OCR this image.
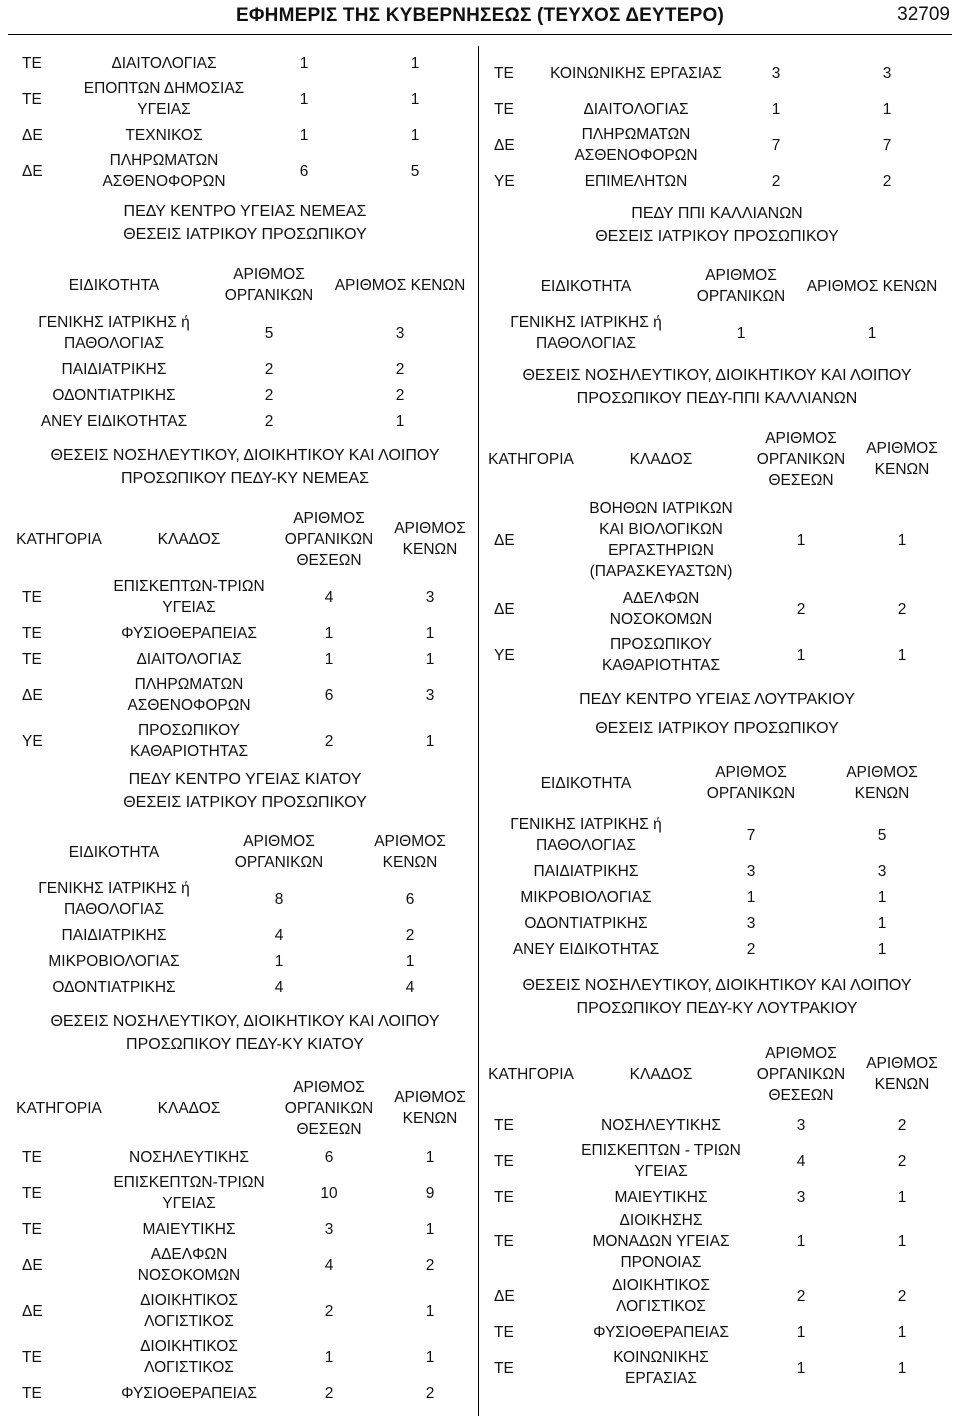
ΕΦΗΜΕΡΙΣ ΤΗΣ ΚΥΒΕΡΝΗΣΕΩΣ (ΤΕΥΧΟΣ ΔΕΥΤΕΡΟ)	32709
ΤΕ	ΔΙΑΙΤΟΛΟΓΙΑΣ	1	1
ΤΕ	ΕΠΟΠΤΩΝ ΔΗΜΟΣΙΑΣ ΥΓΕΙΑΣ	1	1
ΔΕ	ΤΕΧΝΙΚΟΣ	1	1
ΔΕ	ΠΛΗΡΩΜΑΤΩΝ ΑΣΘΕΝΟΦΟΡΩΝ	6	5
ΠΕΔΥ ΚΕΝΤΡΟ ΥΓΕΙΑΣ ΝΕΜΕΑΣ
ΘΕΣΕΙΣ ΙΑΤΡΙΚΟΥ ΠΡΟΣΩΠΙΚΟΥ
ΕΙΔΙΚΟΤΗΤΑ	ΑΡΙΘΜΟΣ ΟΡΓΑΝΙΚΩΝ	ΑΡΙΘΜΟΣ ΚΕΝΩΝ
ΓΕΝΙΚΗΣ ΙΑΤΡΙΚΗΣ ή ΠΑΘΟΛΟΓΙΑΣ	5	3
ΠΑΙΔΙΑΤΡΙΚΗΣ	2	2
ΟΔΟΝΤΙΑΤΡΙΚΗΣ	2	2
ΑΝΕΥ ΕΙΔΙΚΟΤΗΤΑΣ	2	1
ΘΕΣΕΙΣ ΝΟΣΗΛΕΥΤΙΚΟΥ, ΔΙΟΙΚΗΤΙΚΟΥ ΚΑΙ ΛΟΙΠΟΥ ΠΡΟΣΩΠΙΚΟΥ ΠΕΔΥ-ΚΥ ΝΕΜΕΑΣ
ΚΑΤΗΓΟΡΙΑ	ΚΛΑΔΟΣ	ΑΡΙΘΜΟΣ ΟΡΓΑΝΙΚΩΝ ΘΕΣΕΩΝ	ΑΡΙΘΜΟΣ ΚΕΝΩΝ
ΤΕ	ΕΠΙΣΚΕΠΤΩΝ-ΤΡΙΩΝ ΥΓΕΙΑΣ	4	3
ΤΕ	ΦΥΣΙΟΘΕΡΑΠΕΙΑΣ	1	1
ΤΕ	ΔΙΑΙΤΟΛΟΓΙΑΣ	1	1
ΔΕ	ΠΛΗΡΩΜΑΤΩΝ ΑΣΘΕΝΟΦΟΡΩΝ	6	3
ΥΕ	ΠΡΟΣΩΠΙΚΟΥ ΚΑΘΑΡΙΟΤΗΤΑΣ	2	1
ΠΕΔΥ ΚΕΝΤΡΟ ΥΓΕΙΑΣ ΚΙΑΤΟΥ
ΘΕΣΕΙΣ ΙΑΤΡΙΚΟΥ ΠΡΟΣΩΠΙΚΟΥ
ΕΙΔΙΚΟΤΗΤΑ	ΑΡΙΘΜΟΣ ΟΡΓΑΝΙΚΩΝ	ΑΡΙΘΜΟΣ ΚΕΝΩΝ
ΓΕΝΙΚΗΣ ΙΑΤΡΙΚΗΣ ή ΠΑΘΟΛΟΓΙΑΣ	8	6
ΠΑΙΔΙΑΤΡΙΚΗΣ	4	2
ΜΙΚΡΟΒΙΟΛΟΓΙΑΣ	1	1
ΟΔΟΝΤΙΑΤΡΙΚΗΣ	4	4
ΘΕΣΕΙΣ ΝΟΣΗΛΕΥΤΙΚΟΥ, ΔΙΟΙΚΗΤΙΚΟΥ ΚΑΙ ΛΟΙΠΟΥ ΠΡΟΣΩΠΙΚΟΥ ΠΕΔΥ-ΚΥ ΚΙΑΤΟΥ
ΚΑΤΗΓΟΡΙΑ	ΚΛΑΔΟΣ	ΑΡΙΘΜΟΣ ΟΡΓΑΝΙΚΩΝ ΘΕΣΕΩΝ	ΑΡΙΘΜΟΣ ΚΕΝΩΝ
ΤΕ	ΝΟΣΗΛΕΥΤΙΚΗΣ	6	1
ΤΕ	ΕΠΙΣΚΕΠΤΩΝ-ΤΡΙΩΝ ΥΓΕΙΑΣ	10	9
ΤΕ	ΜΑΙΕΥΤΙΚΗΣ	3	1
ΔΕ	ΑΔΕΛΦΩΝ ΝΟΣΟΚΟΜΩΝ	4	2
ΔΕ	ΔΙΟΙΚΗΤΙΚΟΣ ΛΟΓΙΣΤΙΚΟΣ	2	1
ΤΕ	ΔΙΟΙΚΗΤΙΚΟΣ ΛΟΓΙΣΤΙΚΟΣ	1	1
ΤΕ	ΦΥΣΙΟΘΕΡΑΠΕΙΑΣ	2	2
ΤΕ	ΚΟΙΝΩΝΙΚΗΣ ΕΡΓΑΣΙΑΣ	3	3
ΤΕ	ΔΙΑΙΤΟΛΟΓΙΑΣ	1	1
ΔΕ	ΠΛΗΡΩΜΑΤΩΝ ΑΣΘΕΝΟΦΟΡΩΝ	7	7
ΥΕ	ΕΠΙΜΕΛΗΤΩΝ	2	2
ΠΕΔΥ ΠΠΙ ΚΑΛΛΙΑΝΩΝ
ΘΕΣΕΙΣ ΙΑΤΡΙΚΟΥ ΠΡΟΣΩΠΙΚΟΥ
ΕΙΔΙΚΟΤΗΤΑ	ΑΡΙΘΜΟΣ ΟΡΓΑΝΙΚΩΝ	ΑΡΙΘΜΟΣ ΚΕΝΩΝ
ΓΕΝΙΚΗΣ ΙΑΤΡΙΚΗΣ ή ΠΑΘΟΛΟΓΙΑΣ	1	1
ΘΕΣΕΙΣ ΝΟΣΗΛΕΥΤΙΚΟΥ, ΔΙΟΙΚΗΤΙΚΟΥ ΚΑΙ ΛΟΙΠΟΥ ΠΡΟΣΩΠΙΚΟΥ ΠΕΔΥ-ΠΠΙ ΚΑΛΛΙΑΝΩΝ
ΚΑΤΗΓΟΡΙΑ	ΚΛΑΔΟΣ	ΑΡΙΘΜΟΣ ΟΡΓΑΝΙΚΩΝ ΘΕΣΕΩΝ	ΑΡΙΘΜΟΣ ΚΕΝΩΝ
ΔΕ	ΒΟΗΘΩΝ ΙΑΤΡΙΚΩΝ ΚΑΙ ΒΙΟΛΟΓΙΚΩΝ ΕΡΓΑΣΤΗΡΙΩΝ (ΠΑΡΑΣΚΕΥΑΣΤΩΝ)	1	1
ΔΕ	ΑΔΕΛΦΩΝ ΝΟΣΟΚΟΜΩΝ	2	2
ΥΕ	ΠΡΟΣΩΠΙΚΟΥ ΚΑΘΑΡΙΟΤΗΤΑΣ	1	1
ΠΕΔΥ ΚΕΝΤΡΟ ΥΓΕΙΑΣ ΛΟΥΤΡΑΚΙΟΥ
ΘΕΣΕΙΣ ΙΑΤΡΙΚΟΥ ΠΡΟΣΩΠΙΚΟΥ
ΕΙΔΙΚΟΤΗΤΑ	ΑΡΙΘΜΟΣ ΟΡΓΑΝΙΚΩΝ	ΑΡΙΘΜΟΣ ΚΕΝΩΝ
ΓΕΝΙΚΗΣ ΙΑΤΡΙΚΗΣ ή ΠΑΘΟΛΟΓΙΑΣ	7	5
ΠΑΙΔΙΑΤΡΙΚΗΣ	3	3
ΜΙΚΡΟΒΙΟΛΟΓΙΑΣ	1	1
ΟΔΟΝΤΙΑΤΡΙΚΗΣ	3	1
ΑΝΕΥ ΕΙΔΙΚΟΤΗΤΑΣ	2	1
ΘΕΣΕΙΣ ΝΟΣΗΛΕΥΤΙΚΟΥ, ΔΙΟΙΚΗΤΙΚΟΥ ΚΑΙ ΛΟΙΠΟΥ ΠΡΟΣΩΠΙΚΟΥ ΠΕΔΥ-ΚΥ ΛΟΥΤΡΑΚΙΟΥ
ΚΑΤΗΓΟΡΙΑ	ΚΛΑΔΟΣ	ΑΡΙΘΜΟΣ ΟΡΓΑΝΙΚΩΝ ΘΕΣΕΩΝ	ΑΡΙΘΜΟΣ ΚΕΝΩΝ
ΤΕ	ΝΟΣΗΛΕΥΤΙΚΗΣ	3	2
ΤΕ	ΕΠΙΣΚΕΠΤΩΝ - ΤΡΙΩΝ ΥΓΕΙΑΣ	4	2
ΤΕ	ΜΑΙΕΥΤΙΚΗΣ	3	1
ΤΕ	ΔΙΟΙΚΗΣΗΣ ΜΟΝΑΔΩΝ ΥΓΕΙΑΣ ΠΡΟΝΟΙΑΣ	1	1
ΔΕ	ΔΙΟΙΚΗΤΙΚΟΣ ΛΟΓΙΣΤΙΚΟΣ	2	2
ΤΕ	ΦΥΣΙΟΘΕΡΑΠΕΙΑΣ	1	1
ΤΕ	ΚΟΙΝΩΝΙΚΗΣ ΕΡΓΑΣΙΑΣ	1	1
